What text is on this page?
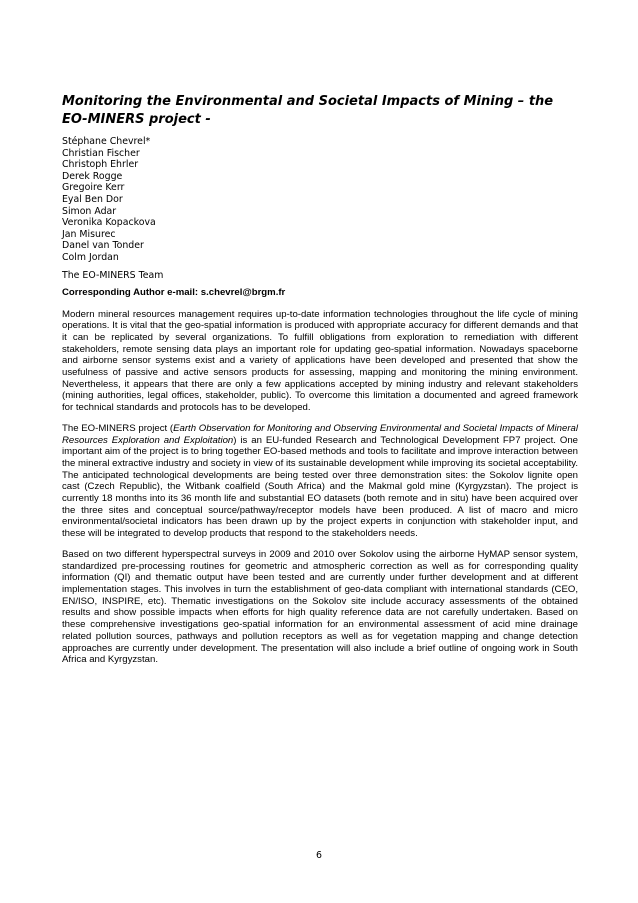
Monitoring the Environmental and Societal Impacts of Mining – the EO-MINERS project -
Stéphane Chevrel*
Christian Fischer
Christoph Ehrler
Derek Rogge
Gregoire Kerr
Eyal Ben Dor
Simon Adar
Veronika Kopackova
Jan Misurec
Danel van Tonder
Colm Jordan

The EO-MINERS Team

Corresponding Author e-mail: s.chevrel@brgm.fr

Modern mineral resources management requires up-to-date information technologies throughout the life cycle of mining operations. It is vital that the geo-spatial information is produced with appropriate accuracy for different demands and that it can be replicated by several organizations. To fulfill obligations from exploration to remediation with different stakeholders, remote sensing data plays an important role for updating geo-spatial information. Nowadays spaceborne and airborne sensor systems exist and a variety of applications have been developed and presented that show the usefulness of passive and active sensors products for assessing, mapping and monitoring the mining environment. Nevertheless, it appears that there are only a few applications accepted by mining industry and relevant stakeholders (mining authorities, legal offices, stakeholder, public). To overcome this limitation a documented and agreed framework for technical standards and protocols has to be developed.

The EO-MINERS project (Earth Observation for Monitoring and Observing Environmental and Societal Impacts of Mineral Resources Exploration and Exploitation) is an EU-funded Research and Technological Development FP7 project. One important aim of the project is to bring together EO-based methods and tools to facilitate and improve interaction between the mineral extractive industry and society in view of its sustainable development while improving its societal acceptability. The anticipated technological developments are being tested over three demonstration sites: the Sokolov lignite open cast (Czech Republic), the Witbank coalfield (South Africa) and the Makmal gold mine (Kyrgyzstan). The project is currently 18 months into its 36 month life and substantial EO datasets (both remote and in situ) have been acquired over the three sites and conceptual source/pathway/receptor models have been produced. A list of macro and micro environmental/societal indicators has been drawn up by the project experts in conjunction with stakeholder input, and these will be integrated to develop products that respond to the stakeholders needs.

Based on two different hyperspectral surveys in 2009 and 2010 over Sokolov using the airborne HyMAP sensor system, standardized pre-processing routines for geometric and atmospheric correction as well as for corresponding quality information (QI) and thematic output have been tested and are currently under further development and at different implementation stages. This involves in turn the establishment of geo-data compliant with international standards (CEO, EN/ISO, INSPIRE, etc). Thematic investigations on the Sokolov site include accuracy assessments of the obtained results and show possible impacts when efforts for high quality reference data are not carefully undertaken. Based on these comprehensive investigations geo-spatial information for an environmental assessment of acid mine drainage related pollution sources, pathways and pollution receptors as well as for vegetation mapping and change detection approaches are currently under development. The presentation will also include a brief outline of ongoing work in South Africa and Kyrgyzstan.

6
